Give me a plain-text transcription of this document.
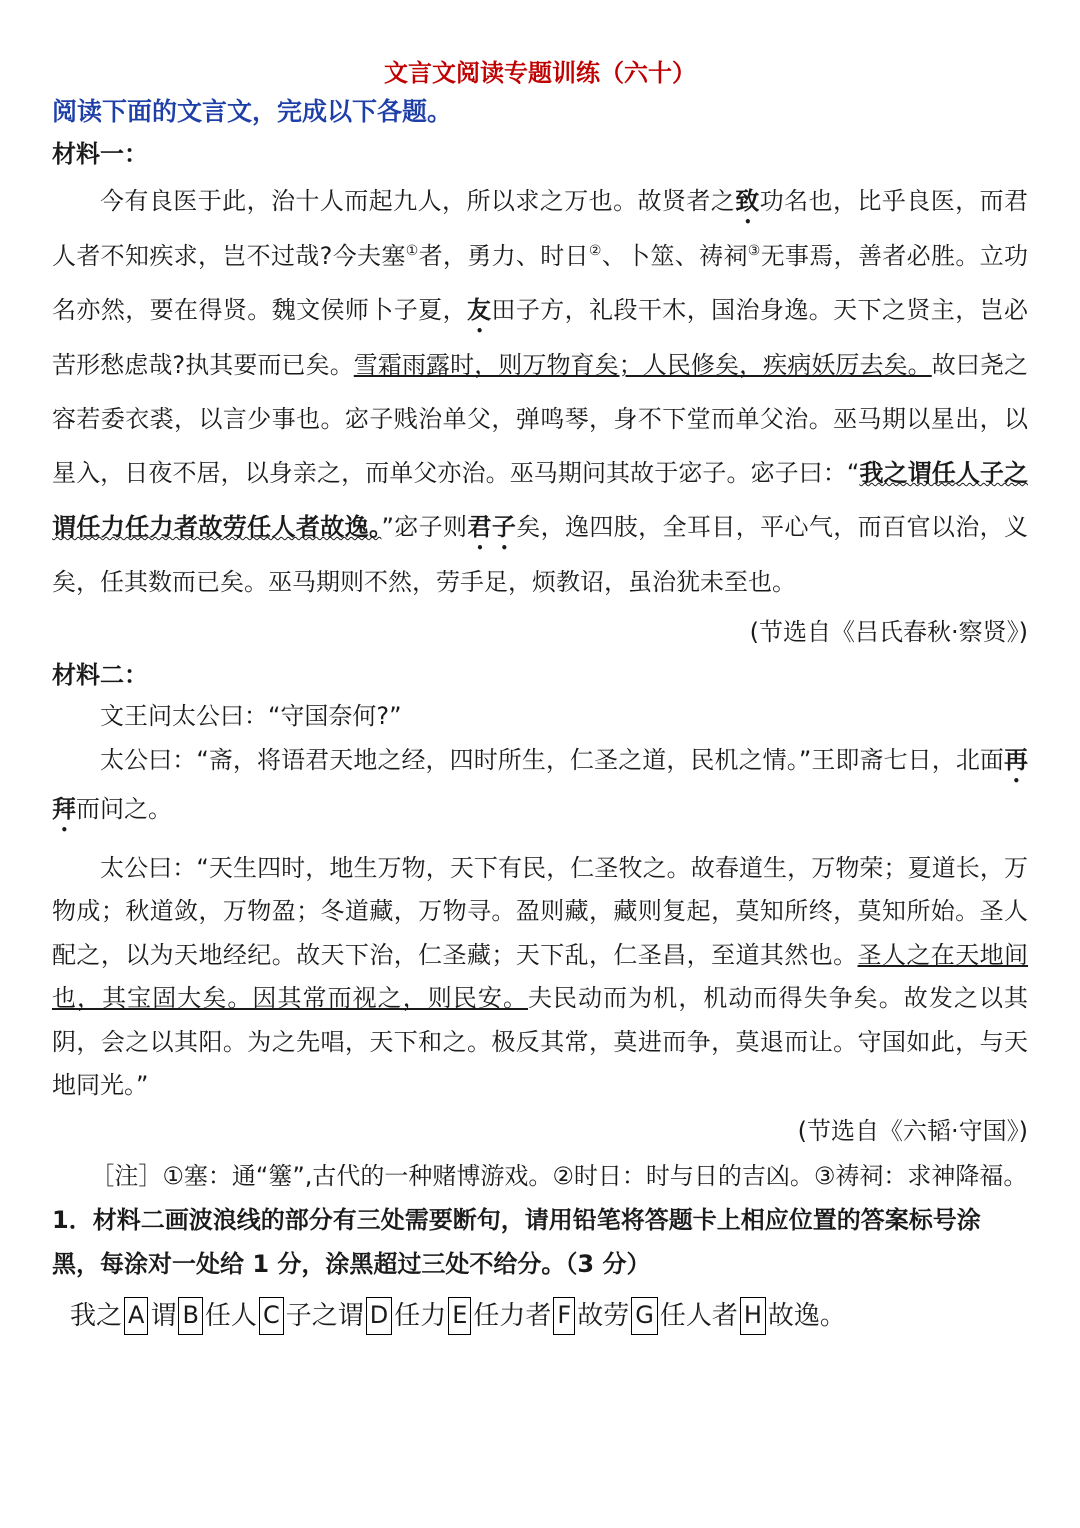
文言文阅读专题训练（六十）
阅读下面的文言文，完成以下各题。
材料一：

今有良医于此，治十人而起九人，所以求之万也。故贤者之致功名也，比乎良医，而君人者不知疾求，岂不过哉?今夫塞①者，勇力、时日②、卜筮、祷祠③无事焉，善者必胜。立功名亦然，要在得贤。魏文侯师卜子夏，友田子方，礼段干木，国治身逸。天下之贤主，岂必苦形愁虑哉?执其要而已矣。雪霜雨露时，则万物育矣；人民修矣，疾病妖厉去矣。故曰尧之容若委衣裘，以言少事也。宓子贱治单父，弹鸣琴，身不下堂而单父治。巫马期以星出，以星入，日夜不居，以身亲之，而单父亦治。巫马期问其故于宓子。宓子曰：“我之谓任人子之谓任力任力者故劳任人者故逸。”宓子则君子矣，逸四肢，全耳目，平心气，而百官以治，义矣，任其数而已矣。巫马期则不然，劳手足，烦教诏，虽治犹未至也。

(节选自《吕氏春秋·察贤》)
材料二：

文王问太公曰：“守国奈何?”

太公曰：“斋，将语君天地之经，四时所生，仁圣之道，民机之情。”王即斋七日，北面再拜而问之。

太公曰：“天生四时，地生万物，天下有民，仁圣牧之。故春道生，万物荣；夏道长，万物成；秋道敛，万物盈；冬道藏，万物寻。盈则藏，藏则复起，莫知所终，莫知所始。圣人配之，以为天地经纪。故天下治，仁圣藏；天下乱，仁圣昌，至道其然也。圣人之在天地间也，其宝固大矣。因其常而视之，则民安。夫民动而为机，机动而得失争矣。故发之以其阴，会之以其阳。为之先唱，天下和之。极反其常，莫进而争，莫退而让。守国如此，与天地同光。”

(节选自《六韬·守国》)

［注］①塞：通“簺”,古代的一种赌博游戏。②时日：时与日的吉凶。③祷祠：求神降福。

1．材料二画波浪线的部分有三处需要断句，请用铅笔将答题卡上相应位置的答案标号涂黑，每涂对一处给 1 分，涂黑超过三处不给分。（3 分）

我之 A 谓 B 任人 C 子之谓 D 任力 E 任力者 F 故劳 G 任人者 H 故逸。
